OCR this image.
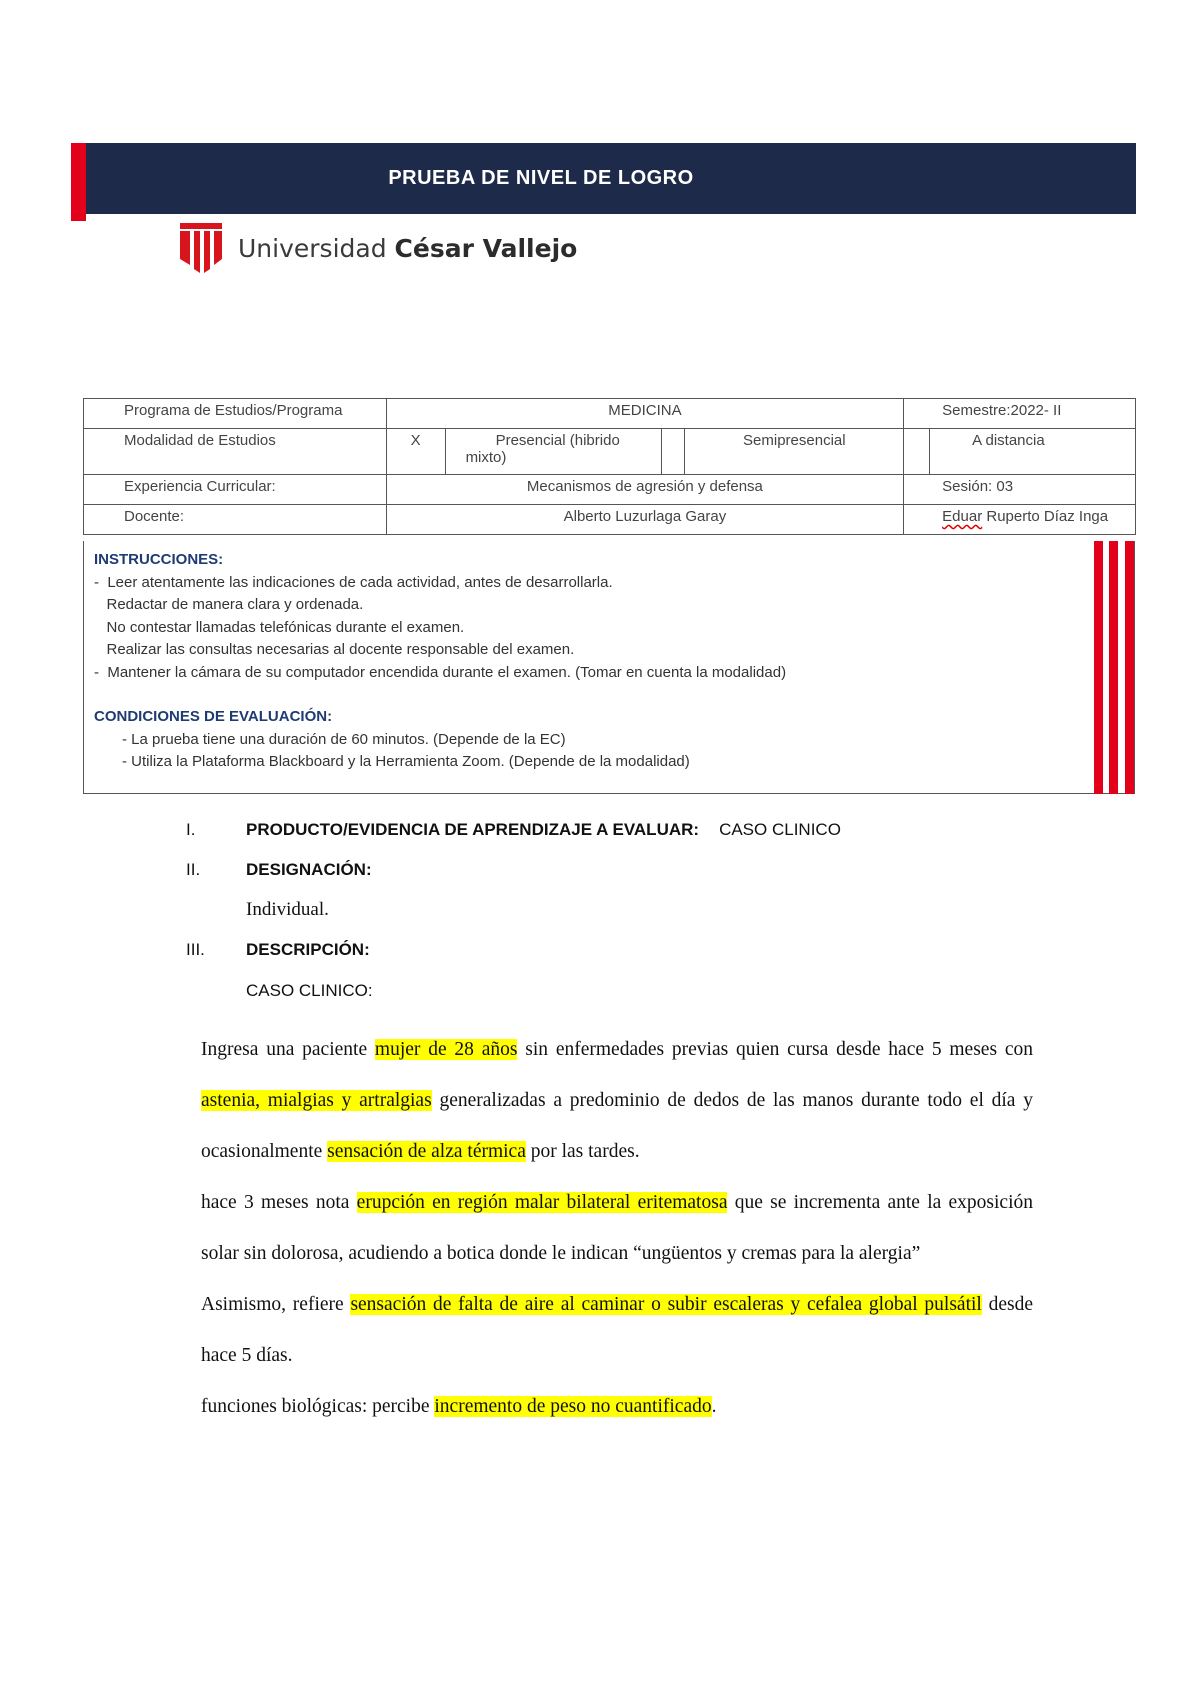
PRUEBA DE NIVEL DE LOGRO
Universidad César Vallejo
Programa de Estudios/Programa	MEDICINA				Semestre:2022- II	
Modalidad de Estudios	X	Presencial (hibrido mixto)		Semipresencial		A distancia
Experiencia Curricular:	Mecanismos de agresión y defensa				Sesión: 03	
Docente:	Alberto Luzurlaga Garay				Eduar Ruperto Díaz Inga	

INSTRUCCIONES:

-  Leer atentamente las indicaciones de cada actividad, antes de desarrollarla.

Redactar de manera clara y ordenada.

No contestar llamadas telefónicas durante el examen.

Realizar las consultas necesarias al docente responsable del examen.

-  Mantener la cámara de su computador encendida durante el examen. (Tomar en cuenta la modalidad)

CONDICIONES DE EVALUACIÓN:

- La prueba tiene una duración de 60 minutos. (Depende de la EC)

- Utiliza la Plataforma Blackboard y la Herramienta Zoom. (Depende de la modalidad)

I.	PRODUCTO/EVIDENCIA DE APRENDIZAJE A EVALUAR: CASO CLINICO
II.	DESIGNACIÓN:
Individual.
III.	DESCRIPCIÓN:
CASO CLINICO:

Ingresa una paciente mujer de 28 años sin enfermedades previas quien cursa desde hace 5 meses con astenia, mialgias y artralgias generalizadas a predominio de dedos de las manos durante todo el día y ocasionalmente sensación de alza térmica por las tardes.

hace 3 meses nota erupción en región malar bilateral eritematosa que se incrementa ante la exposición solar sin dolorosa, acudiendo a botica donde le indican “ungüentos y cremas para la alergia”

Asimismo, refiere sensación de falta de aire al caminar o subir escaleras y cefalea global pulsátil desde hace 5 días.

funciones biológicas: percibe incremento de peso no cuantificado.
